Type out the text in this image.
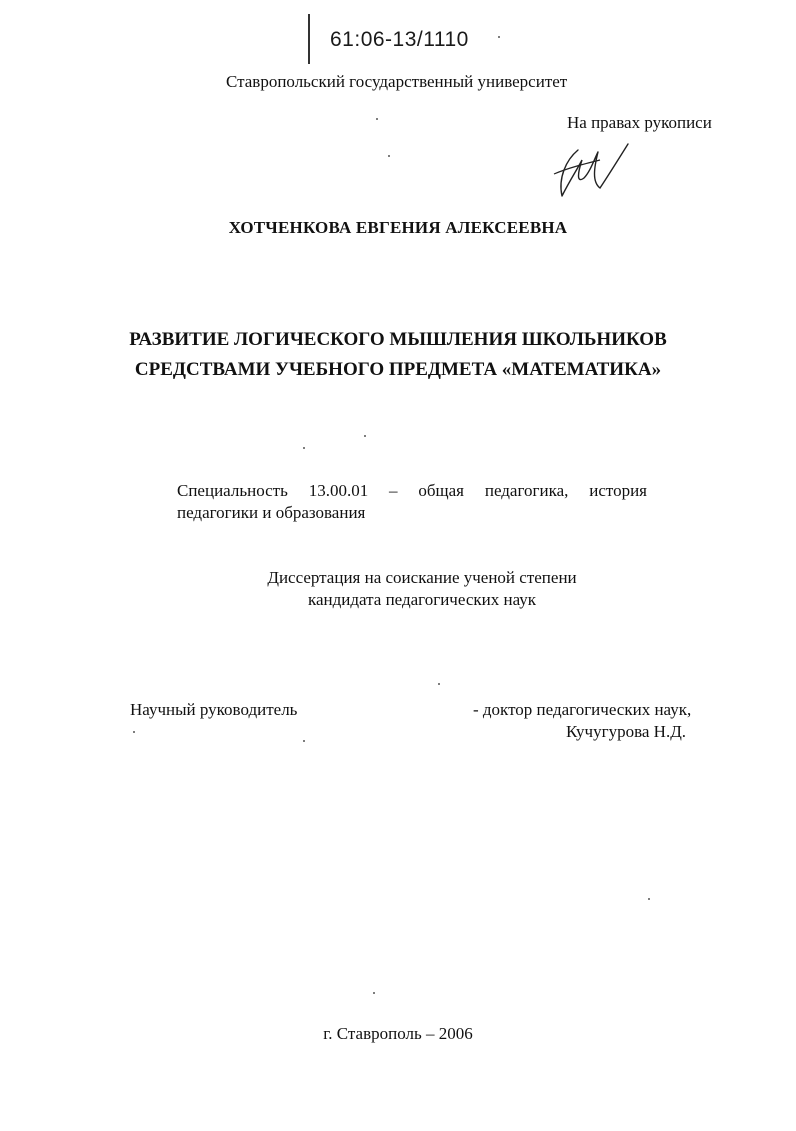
61:06-13/1110
Ставропольский государственный университет
На правах рукописи
ХОТЧЕНКОВА ЕВГЕНИЯ АЛЕКСЕЕВНА
РАЗВИТИЕ ЛОГИЧЕСКОГО МЫШЛЕНИЯ ШКОЛЬНИКОВ
СРЕДСТВАМИ УЧЕБНОГО ПРЕДМЕТА «МАТЕМАТИКА»
Специальность 13.00.01 – общая педагогика, история
педагогики и образования
Диссертация на соискание ученой степени
кандидата педагогических наук
Научный руководитель	- доктор педагогических наук,
Кучугурова Н.Д.
г. Ставрополь – 2006
